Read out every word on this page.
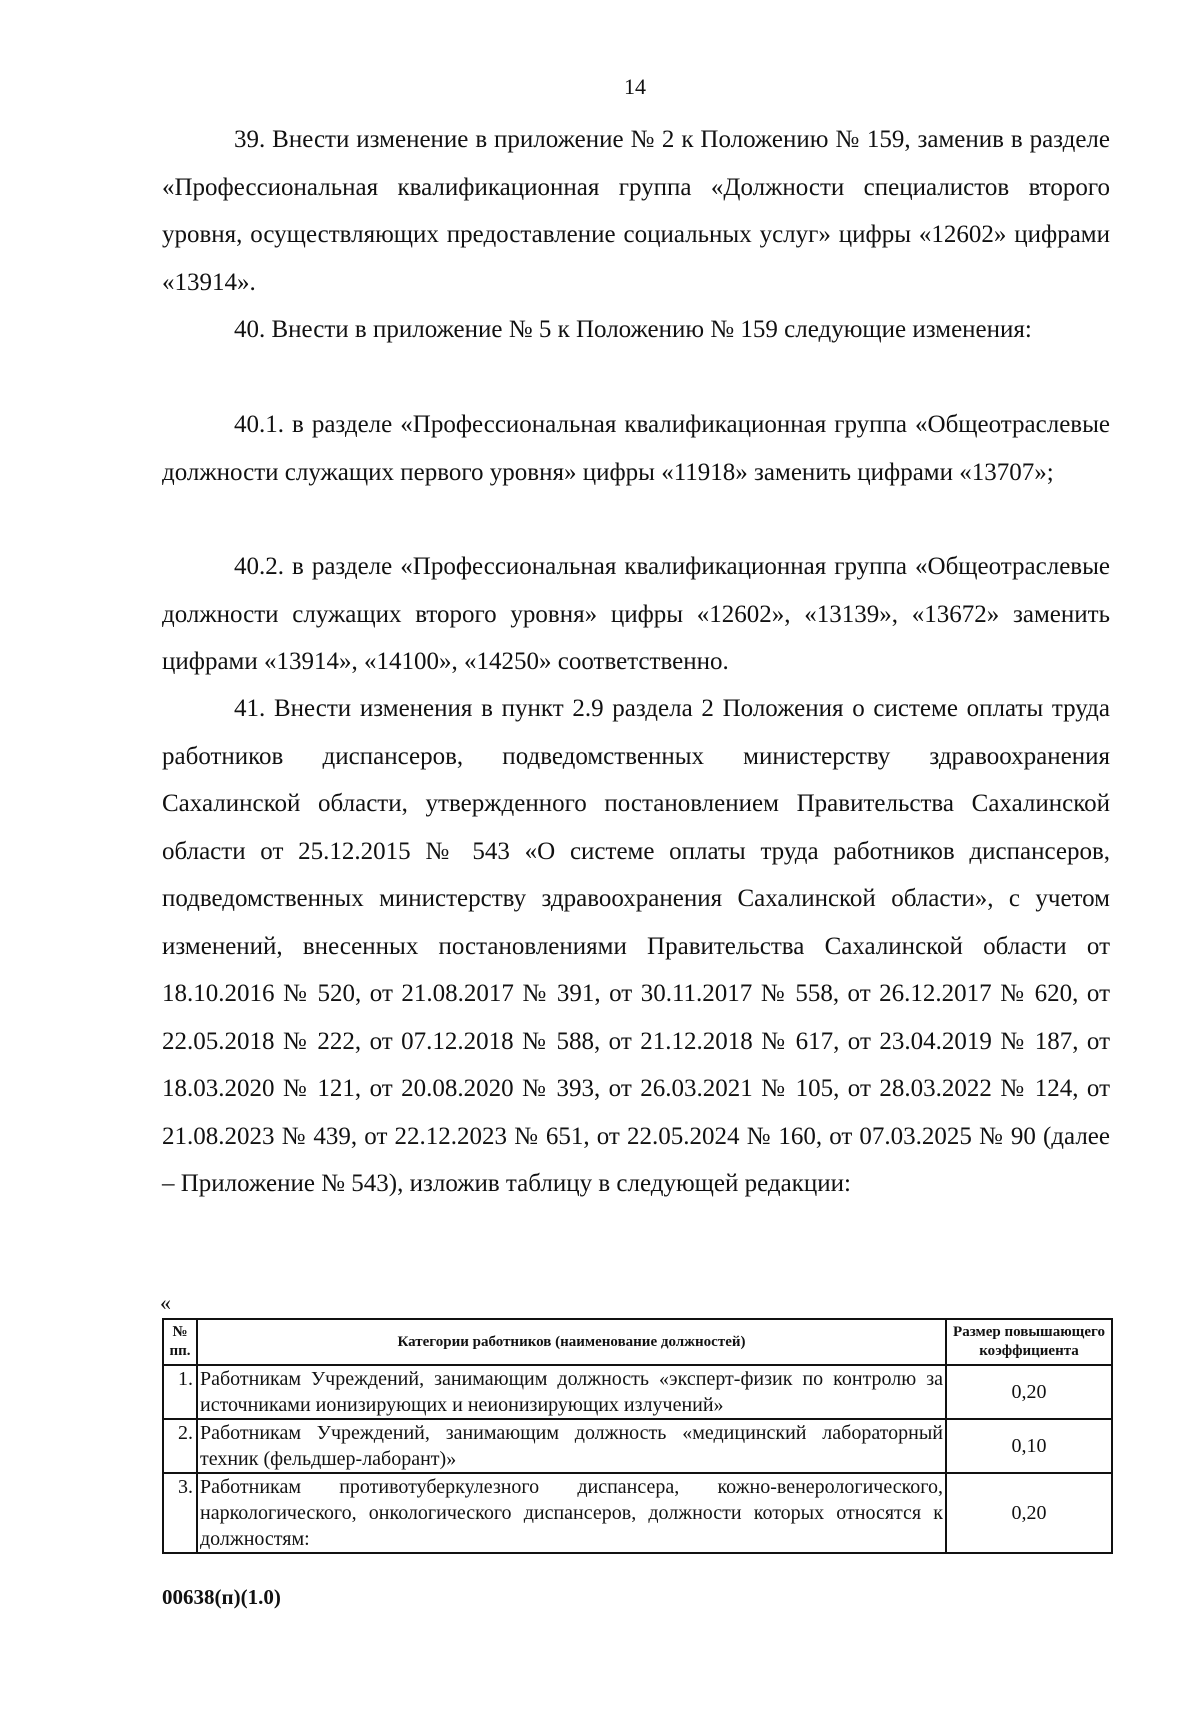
14

39. Внести изменение в приложение № 2 к Положению № 159, заменив в разделе «Профессиональная квалификационная группа «Должности специалистов второго уровня, осуществляющих предоставление социальных услуг» цифры «12602» цифрами «13914».

40. Внести в приложение № 5 к Положению № 159 следующие изменения:

40.1. в разделе «Профессиональная квалификационная группа «Общеотраслевые должности служащих первого уровня» цифры «11918» заменить цифрами «13707»;

40.2. в разделе «Профессиональная квалификационная группа «Общеотраслевые должности служащих второго уровня» цифры «12602», «13139», «13672» заменить цифрами «13914», «14100», «14250» соответственно.

41. Внести изменения в пункт 2.9 раздела 2 Положения о системе оплаты труда работников диспансеров, подведомственных министерству здравоохранения Сахалинской области, утвержденного постановлением Правительства Сахалинской области от 25.12.2015 № 543 «О системе оплаты труда работников диспансеров, подведомственных министерству здравоохранения Сахалинской области», с учетом изменений, внесенных постановлениями Правительства Сахалинской области от 18.10.2016 № 520, от 21.08.2017 № 391, от 30.11.2017 № 558, от 26.12.2017 № 620, от 22.05.2018 № 222, от 07.12.2018 № 588, от 21.12.2018 № 617, от 23.04.2019 № 187, от 18.03.2020 № 121, от 20.08.2020 № 393, от 26.03.2021 № 105, от 28.03.2022 № 124, от 21.08.2023 № 439, от 22.12.2023 № 651, от 22.05.2024 № 160, от 07.03.2025 № 90 (далее – Приложение № 543), изложив таблицу в следующей редакции:

«
№ пп.	Категории работников (наименование должностей)	Размер повышающего коэффициента
1.	Работникам Учреждений, занимающим должность «эксперт-физик по контролю за источниками ионизирующих и неионизирующих излучений»	0,20
2.	Работникам Учреждений, занимающим должность «медицинский лабораторный техник (фельдшер-лаборант)»	0,10
3.	Работникам противотуберкулезного диспансера, кожно-венерологического, наркологического, онкологического диспансеров, должности которых относятся к должностям:	0,20
00638(п)(1.0)
